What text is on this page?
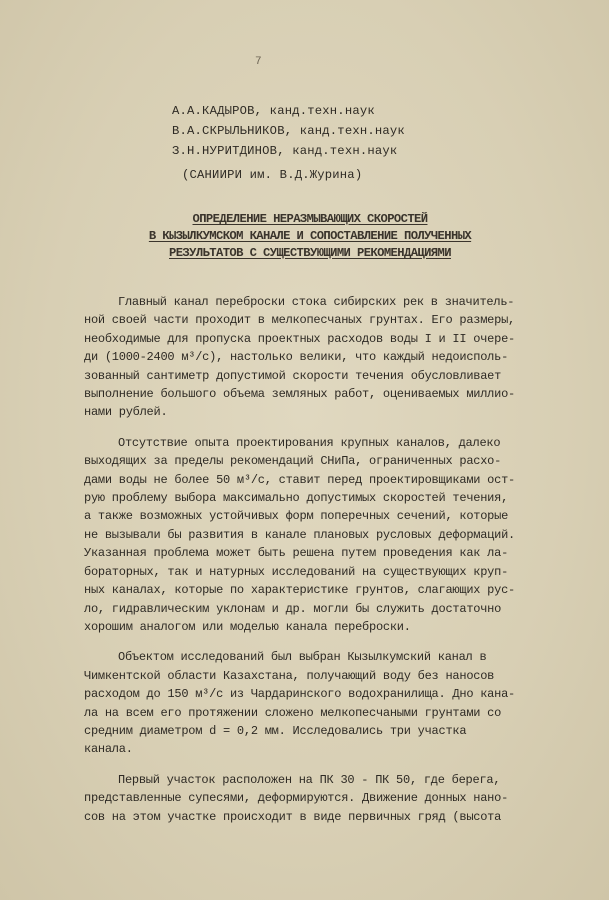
7
А.А.КАДЫРОВ, канд.техн.наук
В.А.СКРЫЛЬНИКОВ, канд.техн.наук
З.Н.НУРИТДИНОВ, канд.техн.наук
(САНИИРИ им. В.Д.Журина)
ОПРЕДЕЛЕНИЕ НЕРАЗМЫВАЮЩИХ СКОРОСТЕЙ
В КЫЗЫЛКУМСКОМ КАНАЛЕ И СОПОСТАВЛЕНИЕ ПОЛУЧЕННЫХ
РЕЗУЛЬТАТОВ С СУЩЕСТВУЮЩИМИ РЕКОМЕНДАЦИЯМИ

Главный канал переброски стока сибирских рек в значитель-
ной своей части проходит в мелкопесчаных грунтах. Его размеры,
необходимые для пропуска проектных расходов воды I и II очере-
ди (1000-2400 м³/с), настолько велики, что каждый недоисполь-
зованный сантиметр допустимой скорости течения обусловливает
выполнение большого объема земляных работ, оцениваемых миллио-
нами рублей.

Отсутствие опыта проектирования крупных каналов, далеко
выходящих за пределы рекомендаций СНиПа, ограниченных расхо-
дами воды не более 50 м³/с, ставит перед проектировщиками ост-
рую проблему выбора максимально допустимых скоростей течения,
а также возможных устойчивых форм поперечных сечений, которые
не вызывали бы развития в канале плановых русловых деформаций.
Указанная проблема может быть решена путем проведения как ла-
бораторных, так и натурных исследований на существующих круп-
ных каналах, которые по характеристике грунтов, слагающих рус-
ло, гидравлическим уклонам и др. могли бы служить достаточно
хорошим аналогом или моделью канала переброски.

Объектом исследований был выбран Кызылкумский канал в
Чимкентской области Казахстана, получающий воду без наносов
расходом до 150 м³/с из Чардаринского водохранилища. Дно кана-
ла на всем его протяжении сложено мелкопесчаными грунтами со
средним диаметром d = 0,2 мм. Исследовались три участка
канала.

Первый участок расположен на ПК 30 - ПК 50, где берега,
представленные супесями, деформируются. Движение донных нано-
сов на этом участке происходит в виде первичных гряд (высота
